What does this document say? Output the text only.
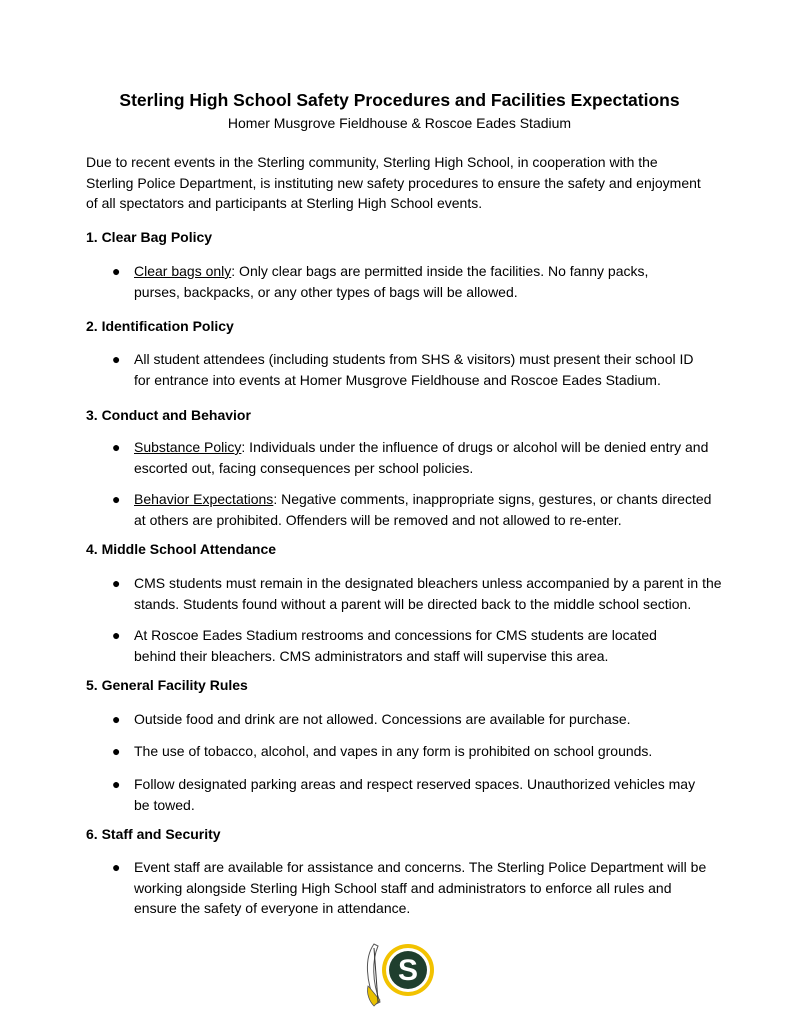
Sterling High School Safety Procedures and Facilities Expectations
Homer Musgrove Fieldhouse & Roscoe Eades Stadium
Due to recent events in the Sterling community, Sterling High School, in cooperation with the Sterling Police Department, is instituting new safety procedures to ensure the safety and enjoyment of all spectators and participants at Sterling High School events.
1. Clear Bag Policy
● Clear bags only: Only clear bags are permitted inside the facilities. No fanny packs, purses, backpacks, or any other types of bags will be allowed.
2. Identification Policy
● All student attendees (including students from SHS & visitors) must present their school ID for entrance into events at Homer Musgrove Fieldhouse and Roscoe Eades Stadium.
3. Conduct and Behavior
● Substance Policy: Individuals under the influence of drugs or alcohol will be denied entry and escorted out, facing consequences per school policies.
● Behavior Expectations: Negative comments, inappropriate signs, gestures, or chants directed at others are prohibited. Offenders will be removed and not allowed to re-enter.
4. Middle School Attendance
● CMS students must remain in the designated bleachers unless accompanied by a parent in the stands. Students found without a parent will be directed back to the middle school section.
● At Roscoe Eades Stadium restrooms and concessions for CMS students are located behind their bleachers. CMS administrators and staff will supervise this area.
5. General Facility Rules
● Outside food and drink are not allowed. Concessions are available for purchase.
● The use of tobacco, alcohol, and vapes in any form is prohibited on school grounds.
● Follow designated parking areas and respect reserved spaces. Unauthorized vehicles may be towed.
6. Staff and Security
● Event staff are available for assistance and concerns. The Sterling Police Department will be working alongside Sterling High School staff and administrators to enforce all rules and ensure the safety of everyone in attendance.
S
